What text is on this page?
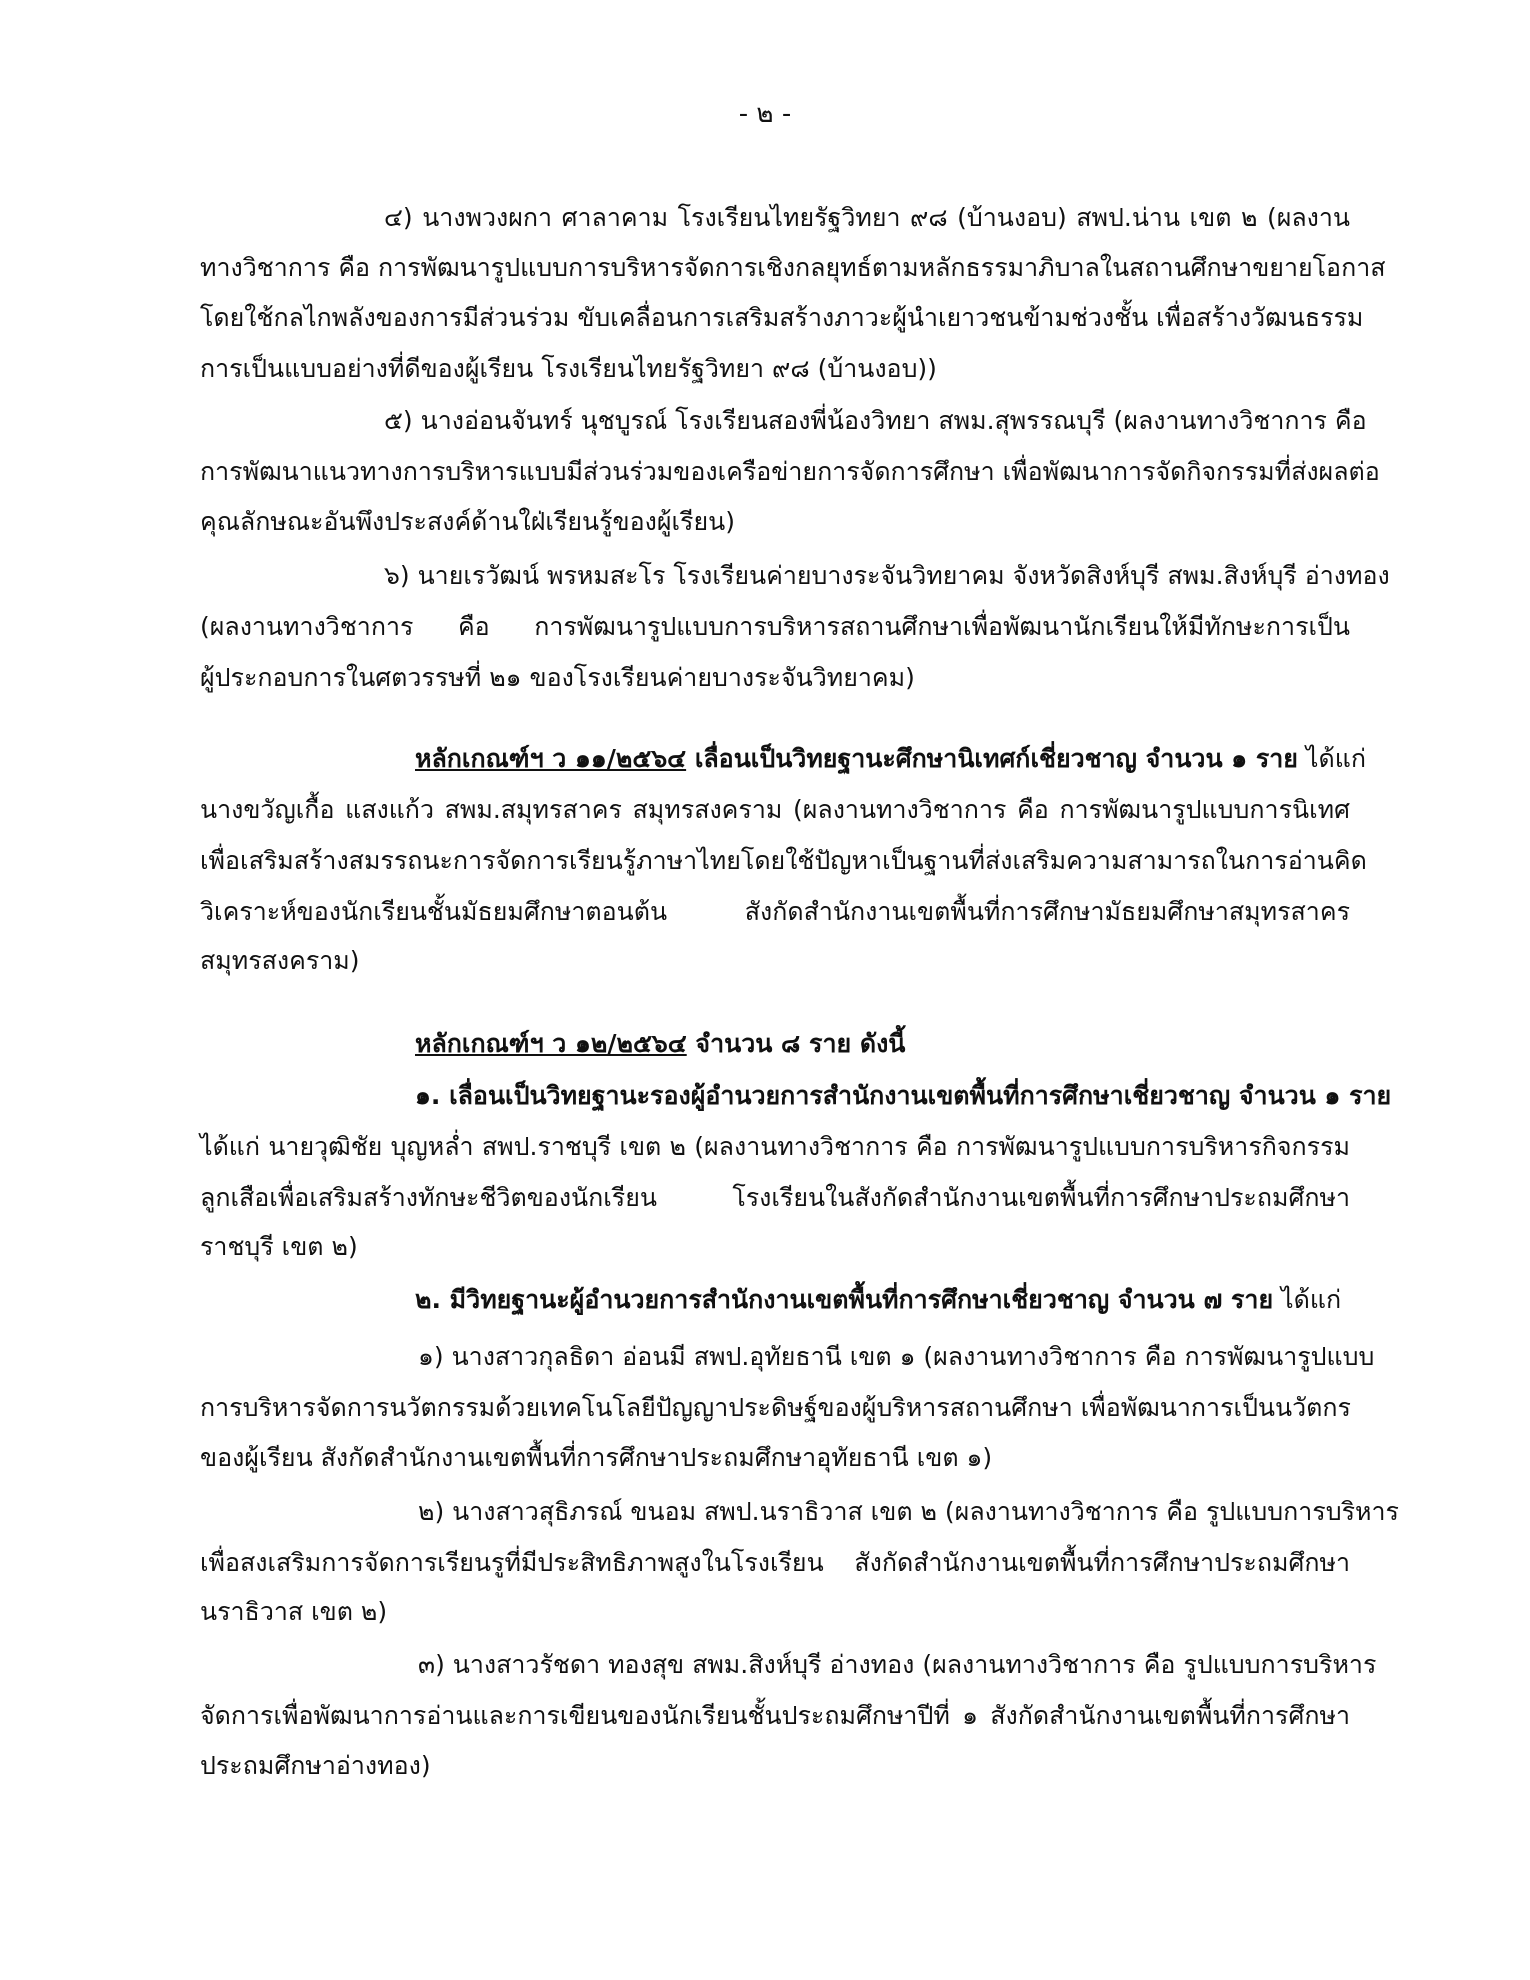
- ๒ -
๔) นางพวงผกา ศาลาคาม โรงเรียนไทยรัฐวิทยา ๙๘ (บ้านงอบ) สพป.น่าน เขต ๒ (ผลงาน
ทางวิชาการ คือ การพัฒนารูปแบบการบริหารจัดการเชิงกลยุทธ์ตามหลักธรรมาภิบาลในสถานศึกษาขยายโอกาส
โดยใช้กลไกพลังของการมีส่วนร่วม ขับเคลื่อนการเสริมสร้างภาวะผู้นำเยาวชนข้ามช่วงชั้น เพื่อสร้างวัฒนธรรม
การเป็นแบบอย่างที่ดีของผู้เรียน โรงเรียนไทยรัฐวิทยา ๙๘ (บ้านงอบ))
๕) นางอ่อนจันทร์ นุชบูรณ์ โรงเรียนสองพี่น้องวิทยา สพม.สุพรรณบุรี (ผลงานทางวิชาการ คือ
การพัฒนาแนวทางการบริหารแบบมีส่วนร่วมของเครือข่ายการจัดการศึกษา เพื่อพัฒนาการจัดกิจกรรมที่ส่งผลต่อ
คุณลักษณะอันพึงประสงค์ด้านใฝ่เรียนรู้ของผู้เรียน)
๖) นายเรวัฒน์ พรหมสะโร โรงเรียนค่ายบางระจันวิทยาคม จังหวัดสิงห์บุรี สพม.สิงห์บุรี อ่างทอง
(ผลงานทางวิชาการ คือ การพัฒนารูปแบบการบริหารสถานศึกษาเพื่อพัฒนานักเรียนให้มีทักษะการเป็น
ผู้ประกอบการในศตวรรษที่ ๒๑ ของโรงเรียนค่ายบางระจันวิทยาคม)
หลักเกณฑ์ฯ ว ๑๑/๒๕๖๔ เลื่อนเป็นวิทยฐานะศึกษานิเทศก์เชี่ยวชาญ จำนวน ๑ ราย ได้แก่
นางขวัญเกื้อ แสงแก้ว สพม.สมุทรสาคร สมุทรสงคราม (ผลงานทางวิชาการ คือ การพัฒนารูปแบบการนิเทศ
เพื่อเสริมสร้างสมรรถนะการจัดการเรียนรู้ภาษาไทยโดยใช้ปัญหาเป็นฐานที่ส่งเสริมความสามารถในการอ่านคิด
วิเคราะห์ของนักเรียนชั้นมัธยมศึกษาตอนต้น สังกัดสำนักงานเขตพื้นที่การศึกษามัธยมศึกษาสมุทรสาคร
สมุทรสงคราม)
หลักเกณฑ์ฯ ว ๑๒/๒๕๖๔ จำนวน ๘ ราย ดังนี้
๑. เลื่อนเป็นวิทยฐานะรองผู้อำนวยการสำนักงานเขตพื้นที่การศึกษาเชี่ยวชาญ จำนวน ๑ ราย
ได้แก่ นายวุฒิชัย บุญหล่ำ สพป.ราชบุรี เขต ๒ (ผลงานทางวิชาการ คือ การพัฒนารูปแบบการบริหารกิจกรรม
ลูกเสือเพื่อเสริมสร้างทักษะชีวิตของนักเรียน โรงเรียนในสังกัดสำนักงานเขตพื้นที่การศึกษาประถมศึกษา
ราชบุรี เขต ๒)
๒. มีวิทยฐานะผู้อำนวยการสำนักงานเขตพื้นที่การศึกษาเชี่ยวชาญ จำนวน ๗ ราย ได้แก่
๑) นางสาวกุลธิดา อ่อนมี สพป.อุทัยธานี เขต ๑ (ผลงานทางวิชาการ คือ การพัฒนารูปแบบ
การบริหารจัดการนวัตกรรมด้วยเทคโนโลยีปัญญาประดิษฐ์ของผู้บริหารสถานศึกษา เพื่อพัฒนาการเป็นนวัตกร
ของผู้เรียน สังกัดสำนักงานเขตพื้นที่การศึกษาประถมศึกษาอุทัยธานี เขต ๑)
๒) นางสาวสุธิภรณ์ ขนอม สพป.นราธิวาส เขต ๒ (ผลงานทางวิชาการ คือ รูปแบบการบริหาร
เพื่อสงเสริมการจัดการเรียนรูที่มีประสิทธิภาพสูงในโรงเรียน สังกัดสำนักงานเขตพื้นที่การศึกษาประถมศึกษา
นราธิวาส เขต ๒)
๓) นางสาวรัชดา ทองสุข สพม.สิงห์บุรี อ่างทอง (ผลงานทางวิชาการ คือ รูปแบบการบริหาร
จัดการเพื่อพัฒนาการอ่านและการเขียนของนักเรียนชั้นประถมศึกษาปีที่ ๑ สังกัดสำนักงานเขตพื้นที่การศึกษา
ประถมศึกษาอ่างทอง)
